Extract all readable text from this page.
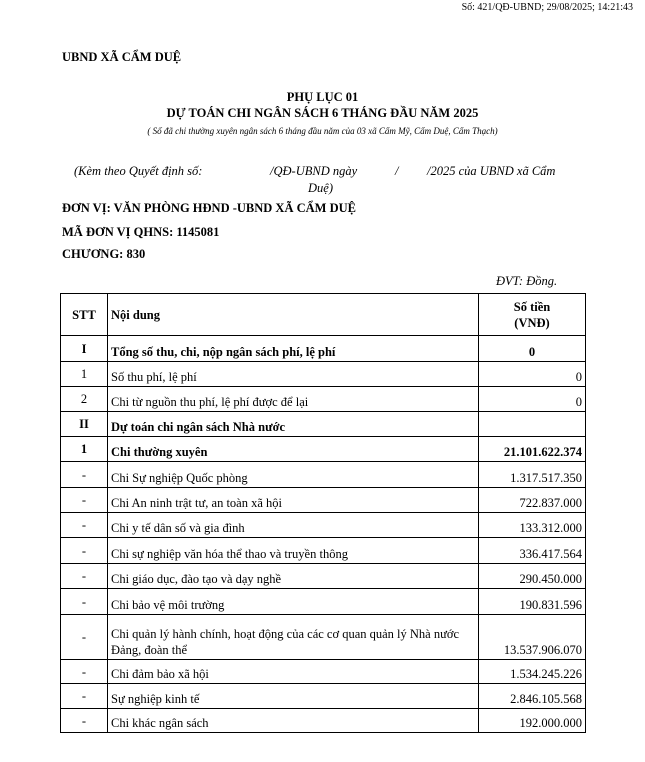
Số: 421/QĐ-UBND; 29/08/2025; 14:21:43
UBND XÃ CẨM DUỆ
PHỤ LỤC 01
DỰ TOÁN CHI NGÂN SÁCH 6 THÁNG ĐẦU NĂM 2025
( Số đã chi thường xuyên ngân sách 6 tháng đầu năm của 03 xã Cẩm Mỹ, Cẩm Duệ, Cẩm Thạch)
(Kèm theo Quyết định số:	/QĐ-UBND ngày	/ /2025 của UBND xã Cẩm
Duệ)
ĐƠN VỊ: VĂN PHÒNG HĐND -UBND XÃ CẨM DUỆ
MÃ ĐƠN VỊ QHNS: 1145081
CHƯƠNG: 830
ĐVT: Đồng.
STT	Nội dung	Số tiền
(VNĐ)

I	Tổng số thu, chi, nộp ngân sách phí, lệ phí	0
1	Số thu phí, lệ phí	0
2	Chi từ nguồn thu phí, lệ phí được để lại	0
II	Dự toán chi ngân sách Nhà nước	
1	Chi thường xuyên	21.101.622.374
-	Chi Sự nghiệp Quốc phòng	1.317.517.350
-	Chi An ninh trật tư, an toàn xã hội	722.837.000
-	Chi y tế dân số và gia đình	133.312.000
-	Chi sự nghiệp văn hóa thể thao và truyền thông	336.417.564
-	Chi giáo dục, đào tạo và dạy nghề	290.450.000
-	Chi bảo vệ môi trường	190.831.596
-	Chi quản lý hành chính, hoạt động của các cơ quan quản lý Nhà nước Đảng, đoàn thể	13.537.906.070
-	Chi đảm bảo xã hội	1.534.245.226
-	Sự nghiệp kinh tế	2.846.105.568
-	Chi khác ngân sách	192.000.000
